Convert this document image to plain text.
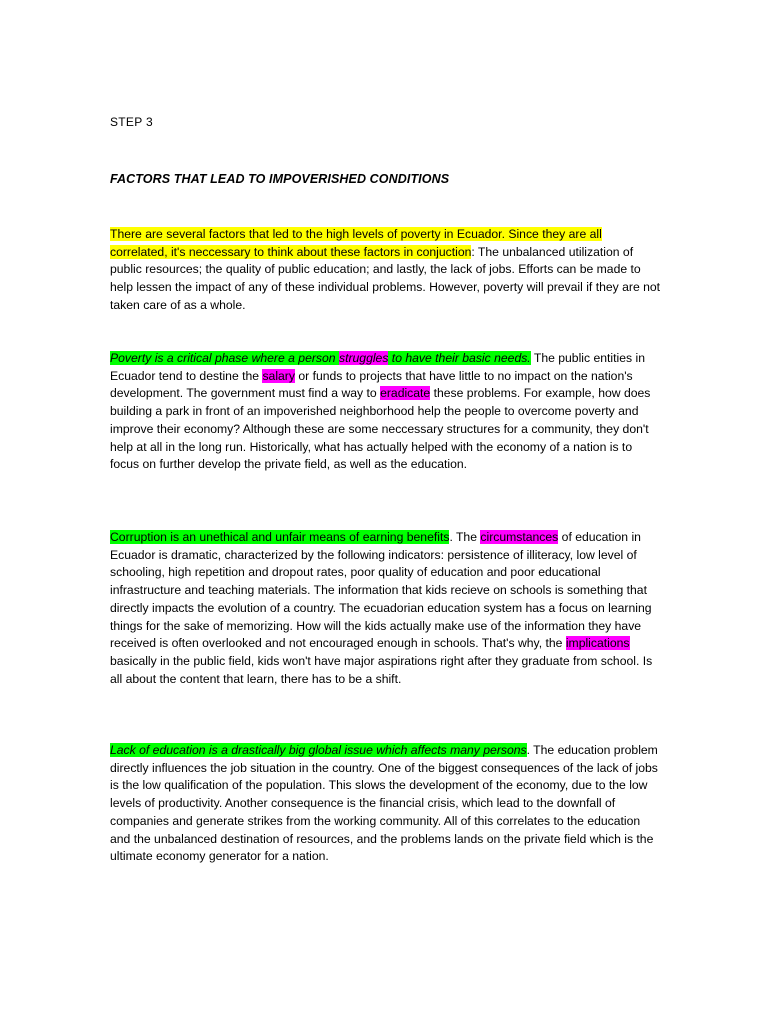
STEP 3
FACTORS THAT LEAD TO IMPOVERISHED CONDITIONS

There are several factors that led to the high levels of poverty in Ecuador. Since they are all correlated, it's neccessary to think about these factors in conjuction: The unbalanced utilization of public resources; the quality of public education; and lastly, the lack of jobs. Efforts can be made to help lessen the impact of any of these individual problems. However, poverty will prevail if they are not taken care of as a whole.

Poverty is a critical phase where a person struggles to have their basic needs. The public entities in Ecuador tend to destine the salary or funds to projects that have little to no impact on the nation's development. The government must find a way to eradicate these problems. For example, how does building a park in front of an impoverished neighborhood help the people to overcome poverty and improve their economy? Although these are some neccessary structures for a community, they don't help at all in the long run. Historically, what has actually helped with the economy of a nation is to focus on further develop the private field, as well as the education.

Corruption is an unethical and unfair means of earning benefits. The circumstances of education in Ecuador is dramatic, characterized by the following indicators: persistence of illiteracy, low level of schooling, high repetition and dropout rates, poor quality of education and poor educational infrastructure and teaching materials. The information that kids recieve on schools is something that directly impacts the evolution of a country. The ecuadorian education system has a focus on learning things for the sake of memorizing. How will the kids actually make use of the information they have received is often overlooked and not encouraged enough in schools. That's why, the implications basically in the public field, kids won't have major aspirations right after they graduate from school. Is all about the content that learn, there has to be a shift.

Lack of education is a drastically big global issue which affects many persons. The education problem directly influences the job situation in the country. One of the biggest consequences of the lack of jobs is the low qualification of the population. This slows the development of the economy, due to the low levels of productivity. Another consequence is the financial crisis, which lead to the downfall of companies and generate strikes from the working community. All of this correlates to the education and the unbalanced destination of resources, and the problems lands on the private field which is the ultimate economy generator for a nation.
